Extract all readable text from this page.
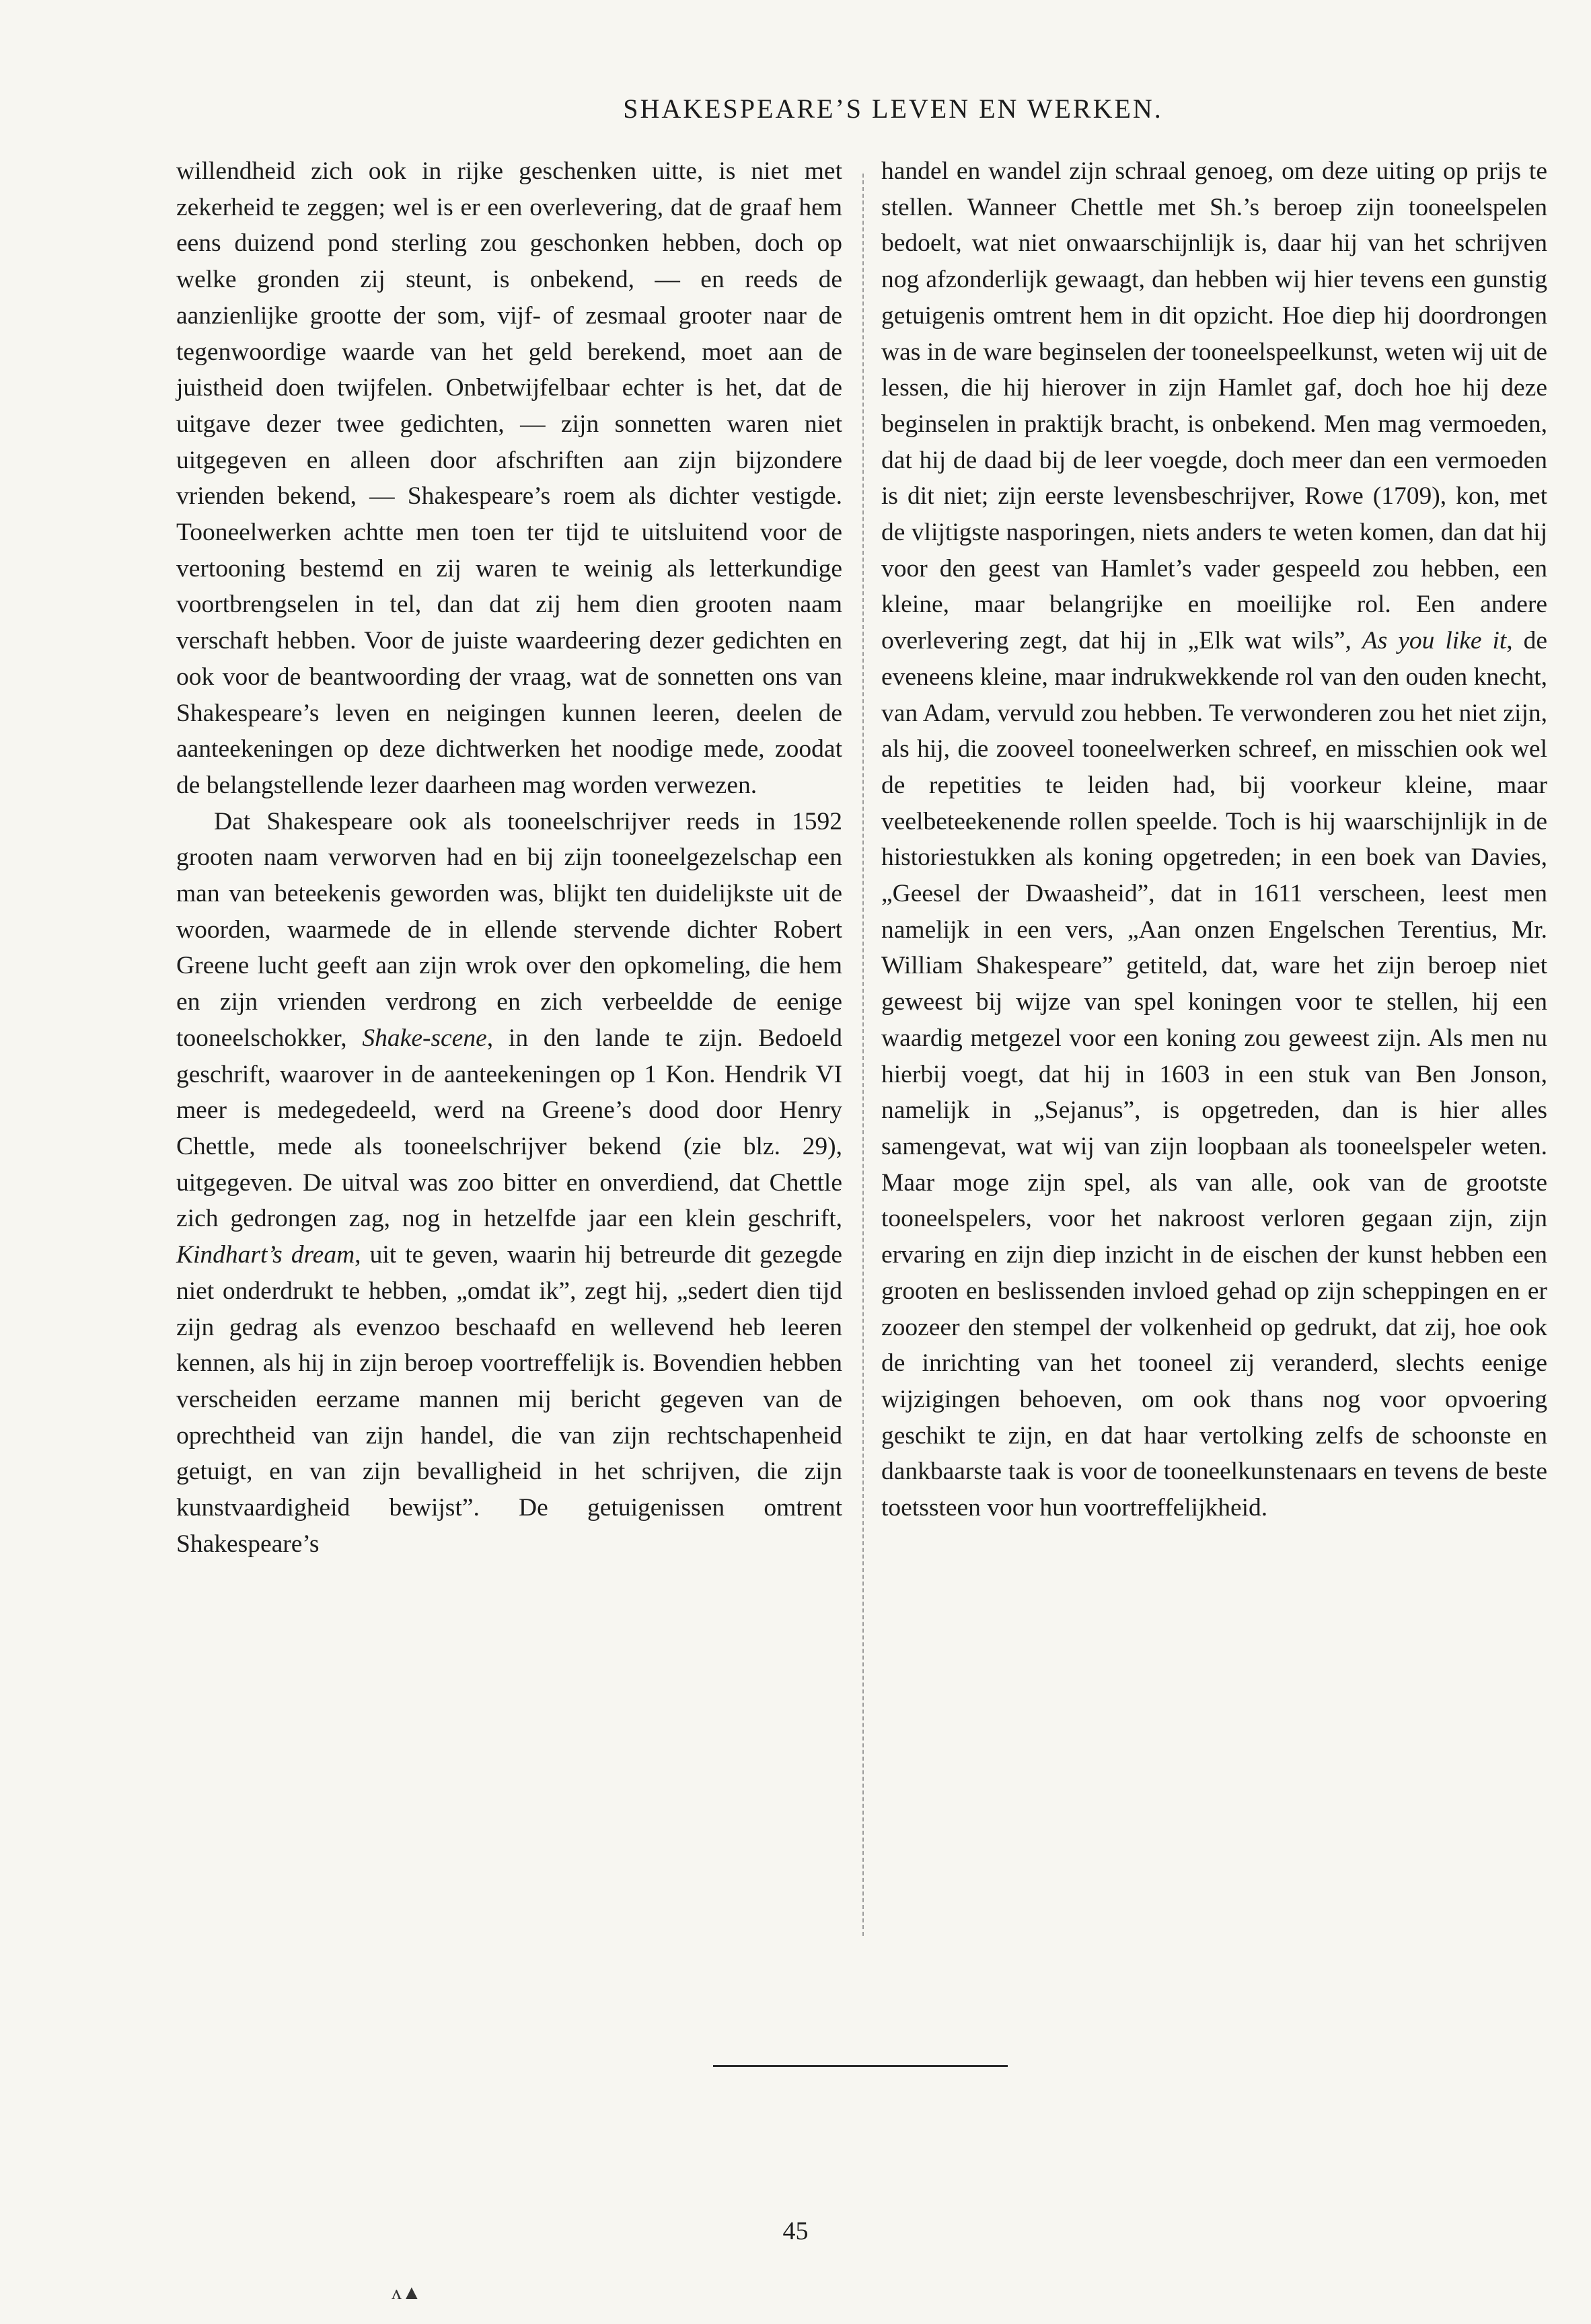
SHAKESPEARE’S LEVEN EN WERKEN.

willendheid zich ook in rijke geschenken uitte, is niet met zekerheid te zeggen; wel is er een overlevering, dat de graaf hem eens duizend pond sterling zou geschonken hebben, doch op welke gronden zij steunt, is onbekend, — en reeds de aanzienlijke grootte der som, vijf- of zesmaal grooter naar de tegenwoordige waarde van het geld berekend, moet aan de juistheid doen twijfelen. Onbetwijfelbaar echter is het, dat de uitgave dezer twee gedichten, — zijn sonnetten waren niet uitgegeven en alleen door afschriften aan zijn bijzondere vrienden bekend, — Shakespeare’s roem als dichter vestigde. Tooneelwerken achtte men toen ter tijd te uitsluitend voor de vertooning bestemd en zij waren te weinig als letterkundige voortbrengselen in tel, dan dat zij hem dien grooten naam verschaft hebben. Voor de juiste waardeering dezer gedichten en ook voor de beantwoording der vraag, wat de sonnetten ons van Shakespeare’s leven en neigingen kunnen leeren, deelen de aanteekeningen op deze dichtwerken het noodige mede, zoodat de belangstellende lezer daarheen mag worden verwezen.

Dat Shakespeare ook als tooneelschrijver reeds in 1592 grooten naam verworven had en bij zijn tooneelgezelschap een man van beteekenis geworden was, blijkt ten duidelijkste uit de woorden, waarmede de in ellende stervende dichter Robert Greene lucht geeft aan zijn wrok over den opkomeling, die hem en zijn vrienden verdrong en zich verbeeldde de eenige tooneelschokker, Shake-scene, in den lande te zijn. Bedoeld geschrift, waarover in de aanteekeningen op 1 Kon. Hendrik VI meer is medegedeeld, werd na Greene’s dood door Henry Chettle, mede als tooneelschrijver bekend (zie blz. 29), uitgegeven. De uitval was zoo bitter en onverdiend, dat Chettle zich gedrongen zag, nog in hetzelfde jaar een klein geschrift, Kindhart’s dream, uit te geven, waarin hij betreurde dit gezegde niet onderdrukt te hebben, „omdat ik”, zegt hij, „sedert dien tijd zijn gedrag als evenzoo beschaafd en wellevend heb leeren kennen, als hij in zijn beroep voortreffelijk is. Bovendien hebben verscheiden eerzame mannen mij bericht gegeven van de oprechtheid van zijn handel, die van zijn rechtschapenheid getuigt, en van zijn bevalligheid in het schrijven, die zijn kunstvaardigheid bewijst”. De getuigenissen omtrent Shakespeare’s

handel en wandel zijn schraal genoeg, om deze uiting op prijs te stellen. Wanneer Chettle met Sh.’s beroep zijn tooneelspelen bedoelt, wat niet onwaarschijnlijk is, daar hij van het schrijven nog afzonderlijk gewaagt, dan hebben wij hier tevens een gunstig getuigenis omtrent hem in dit opzicht. Hoe diep hij doordrongen was in de ware beginselen der tooneelspeelkunst, weten wij uit de lessen, die hij hierover in zijn Hamlet gaf, doch hoe hij deze beginselen in praktijk bracht, is onbekend. Men mag vermoeden, dat hij de daad bij de leer voegde, doch meer dan een vermoeden is dit niet; zijn eerste levensbeschrijver, Rowe (1709), kon, met de vlijtigste nasporingen, niets anders te weten komen, dan dat hij voor den geest van Hamlet’s vader gespeeld zou hebben, een kleine, maar belangrijke en moeilijke rol. Een andere overlevering zegt, dat hij in „Elk wat wils”, As you like it, de eveneens kleine, maar indrukwekkende rol van den ouden knecht, van Adam, vervuld zou hebben. Te verwonderen zou het niet zijn, als hij, die zooveel tooneelwerken schreef, en misschien ook wel de repetities te leiden had, bij voorkeur kleine, maar veelbeteekenende rollen speelde. Toch is hij waarschijnlijk in de historiestukken als koning opgetreden; in een boek van Davies, „Geesel der Dwaasheid”, dat in 1611 verscheen, leest men namelijk in een vers, „Aan onzen Engelschen Terentius, Mr. William Shakespeare” getiteld, dat, ware het zijn beroep niet geweest bij wijze van spel koningen voor te stellen, hij een waardig metgezel voor een koning zou geweest zijn. Als men nu hierbij voegt, dat hij in 1603 in een stuk van Ben Jonson, namelijk in „Sejanus”, is opgetreden, dan is hier alles samengevat, wat wij van zijn loopbaan als tooneelspeler weten. Maar moge zijn spel, als van alle, ook van de grootste tooneelspelers, voor het nakroost verloren gegaan zijn, zijn ervaring en zijn diep inzicht in de eischen der kunst hebben een grooten en beslissenden invloed gehad op zijn scheppingen en er zoozeer den stempel der volkenheid op gedrukt, dat zij, hoe ook de inrichting van het tooneel zij veranderd, slechts eenige wijzigingen behoeven, om ook thans nog voor opvoering geschikt te zijn, en dat haar vertolking zelfs de schoonste en dankbaarste taak is voor de tooneelkunstenaars en tevens de beste toetssteen voor hun voortreffelijkheid.

45
ʌ▲
